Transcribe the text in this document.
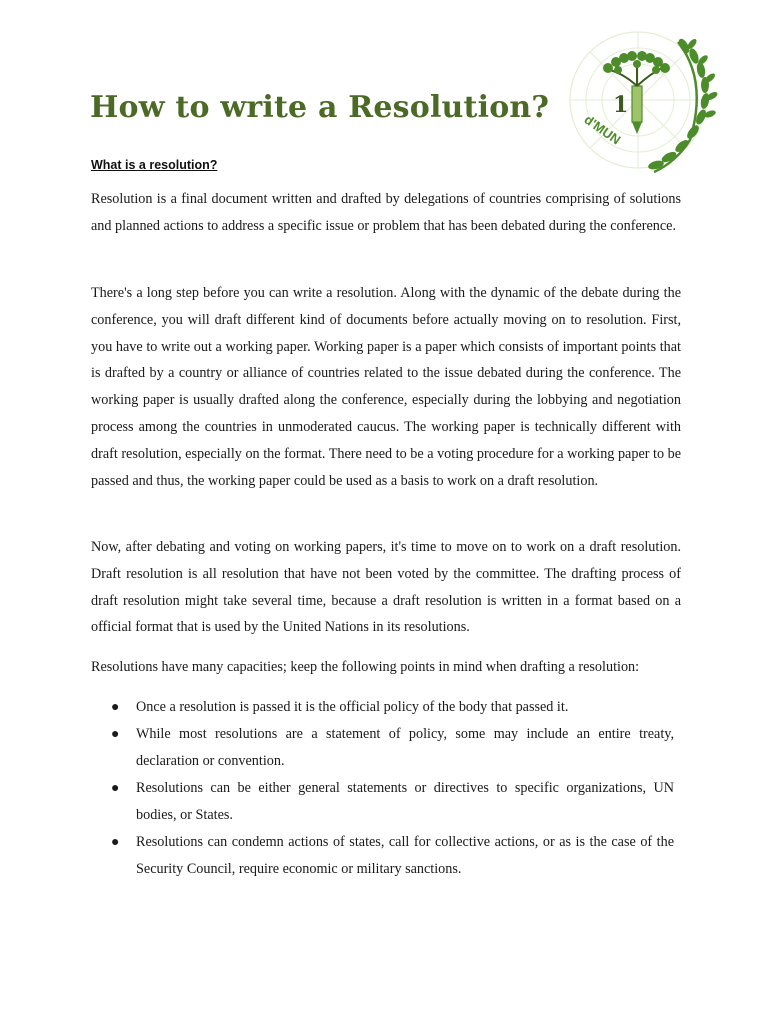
How to write a Resolution?	1
d'MUN
What is a resolution?

Resolution is a final document written and drafted by delegations of countries comprising of solutions and planned actions to address a specific issue or problem that has been debated during the conference.

There's a long step before you can write a resolution. Along with the dynamic of the debate during the conference, you will draft different kind of documents before actually moving on to resolution. First, you have to write out a working paper. Working paper is a paper which consists of important points that is drafted by a country or alliance of countries related to the issue debated during the conference. The working paper is usually drafted along the conference, especially during the lobbying and negotiation process among the countries in unmoderated caucus. The working paper is technically different with draft resolution, especially on the format. There need to be a voting procedure for a working paper to be passed and thus, the working paper could be used as a basis to work on a draft resolution.

Now, after debating and voting on working papers, it's time to move on to work on a draft resolution. Draft resolution is all resolution that have not been voted by the committee. The drafting process of draft resolution might take several time, because a draft resolution is written in a format based on a official format that is used by the United Nations in its resolutions.

Resolutions have many capacities; keep the following points in mind when drafting a resolution:

● Once a resolution is passed it is the official policy of the body that passed it.
● While most resolutions are a statement of policy, some may include an entire treaty, declaration or convention.
● Resolutions can be either general statements or directives to specific organizations, UN bodies, or States.
● Resolutions can condemn actions of states, call for collective actions, or as is the case of the Security Council, require economic or military sanctions.
